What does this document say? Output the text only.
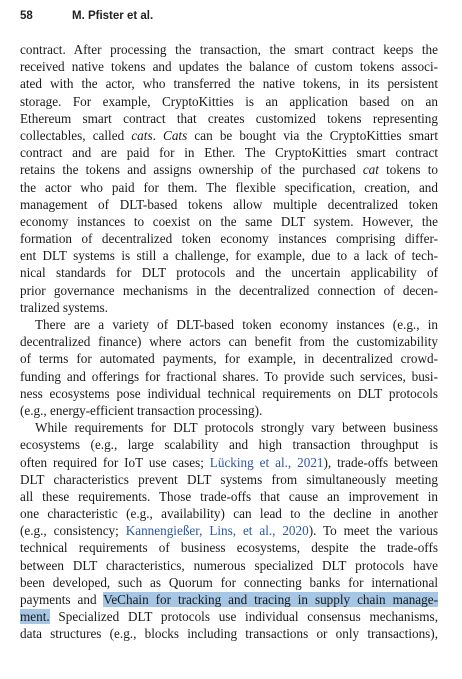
58	M. Pfister et al.
contract. After processing the transaction, the smart contract keeps the
received native tokens and updates the balance of custom tokens associ-
ated with the actor, who transferred the native tokens, in its persistent
storage. For example, CryptoKitties is an application based on an
Ethereum smart contract that creates customized tokens representing
collectables, called cats. Cats can be bought via the CryptoKitties smart
contract and are paid for in Ether. The CryptoKitties smart contract
retains the tokens and assigns ownership of the purchased cat tokens to
the actor who paid for them. The flexible specification, creation, and
management of DLT-based tokens allow multiple decentralized token
economy instances to coexist on the same DLT system. However, the
formation of decentralized token economy instances comprising differ-
ent DLT systems is still a challenge, for example, due to a lack of tech-
nical standards for DLT protocols and the uncertain applicability of
prior governance mechanisms in the decentralized connection of decen-
tralized systems.
There are a variety of DLT-based token economy instances (e.g., in
decentralized finance) where actors can benefit from the customizability
of terms for automated payments, for example, in decentralized crowd-
funding and offerings for fractional shares. To provide such services, busi-
ness ecosystems pose individual technical requirements on DLT protocols
(e.g., energy-efficient transaction processing).
While requirements for DLT protocols strongly vary between business
ecosystems (e.g., large scalability and high transaction throughput is
often required for IoT use cases; Lücking et al., 2021), trade-offs between
DLT characteristics prevent DLT systems from simultaneously meeting
all these requirements. Those trade-offs that cause an improvement in
one characteristic (e.g., availability) can lead to the decline in another
(e.g., consistency; Kannengießer, Lins, et al., 2020). To meet the various
technical requirements of business ecosystems, despite the trade-offs
between DLT characteristics, numerous specialized DLT protocols have
been developed, such as Quorum for connecting banks for international
payments and VeChain for tracking and tracing in supply chain manage-
ment. Specialized DLT protocols use individual consensus mechanisms,
data structures (e.g., blocks including transactions or only transactions),
